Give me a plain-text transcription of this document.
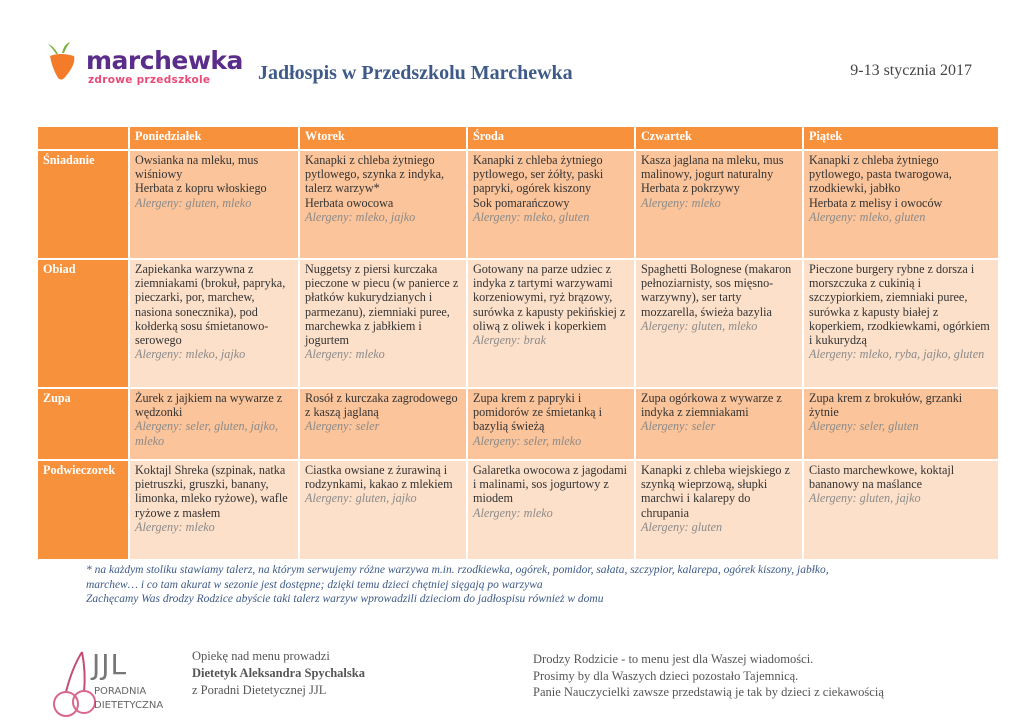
marchewka
zdrowe przedszkole Jadłospis w Przedszkolu Marchewka	9-13 stycznia 2017
	Poniedziałek	Wtorek	Środa	Czwartek	Piątek
Śniadanie	Owsianka na mleku, mus wiśniowy
Herbata z kopru włoskiego
Alergeny: gluten, mleko	Kanapki z chleba żytniego pytlowego, szynka z indyka, talerz warzyw*
Herbata owocowa
Alergeny: mleko, jajko	Kanapki z chleba żytniego pytlowego, ser żółty, paski papryki, ogórek kiszony
Sok pomarańczowy
Alergeny: mleko, gluten	Kasza jaglana na mleku, mus malinowy, jogurt naturalny
Herbata z pokrzywy
Alergeny: mleko	Kanapki z chleba żytniego pytlowego, pasta twarogowa, rzodkiewki, jabłko
Herbata z melisy i owoców
Alergeny: mleko, gluten

Obiad	Zapiekanka warzywna z ziemniakami (brokuł, papryka, pieczarki, por, marchew, nasiona sonecznika), pod kołderką sosu śmietanowo-serowego
Alergeny: mleko, jajko	Nuggetsy z piersi kurczaka pieczone w piecu (w panierce z płatków kukurydzianych i parmezanu), ziemniaki puree, marchewka z jabłkiem i jogurtem
Alergeny: mleko	Gotowany na parze udziec z indyka z tartymi warzywami korzeniowymi, ryż brązowy, surówka z kapusty pekińskiej z oliwą z oliwek i koperkiem
Alergeny: brak	Spaghetti Bolognese (makaron pełnoziarnisty, sos mięsno-warzywny), ser tarty mozzarella, świeża bazylia
Alergeny: gluten, mleko	Pieczone burgery rybne z dorsza i morszczuka z cukinią i szczypiorkiem, ziemniaki puree, surówka z kapusty białej z koperkiem, rzodkiewkami, ogórkiem i kukurydzą
Alergeny: mleko, ryba, jajko, gluten

Zupa	Żurek z jajkiem na wywarze z wędzonki
Alergeny: seler, gluten, jajko, mleko	Rosół z kurczaka zagrodowego z kaszą jaglaną
Alergeny: seler	Zupa krem z papryki i pomidorów ze śmietanką i bazylią świeżą
Alergeny: seler, mleko	Zupa ogórkowa z wywarze z indyka z ziemniakami
Alergeny: seler	Zupa krem z brokułów, grzanki żytnie
Alergeny: seler, gluten

Podwieczorek	Koktajl Shreka (szpinak, natka pietruszki, gruszki, banany, limonka, mleko ryżowe), wafle ryżowe z masłem
Alergeny: mleko	Ciastka owsiane z żurawiną i rodzynkami, kakao z mlekiem
Alergeny: gluten, jajko	Galaretka owocowa z jagodami i malinami, sos jogurtowy z miodem
Alergeny: mleko	Kanapki z chleba wiejskiego z szynką wieprzową, słupki marchwi i kalarepy do chrupania
Alergeny: gluten	Ciasto marchewkowe, koktajl bananowy na maślance
Alergeny: gluten, jajko
* na każdym stoliku stawiamy talerz, na którym serwujemy różne warzywa m.in. rzodkiewka, ogórek, pomidor, sałata, szczypior, kalarepa, ogórek kiszony, jabłko,
marchew… i co tam akurat w sezonie jest dostępne; dzięki temu dzieci chętniej sięgają po warzywa
Zachęcamy Was drodzy Rodzice abyście taki talerz warzyw wprowadzili dzieciom do jadłospisu również w domu
JJL
PORADNIA
DIETETYCZNA
Opiekę nad menu prowadzi
Dietetyk Aleksandra Spychalska
z Poradni Dietetycznej JJL
Drodzy Rodzicie - to menu jest dla Waszej wiadomości.
Prosimy by dla Waszych dzieci pozostało Tajemnicą.
Panie Nauczycielki zawsze przedstawią je tak by dzieci z ciekawością
